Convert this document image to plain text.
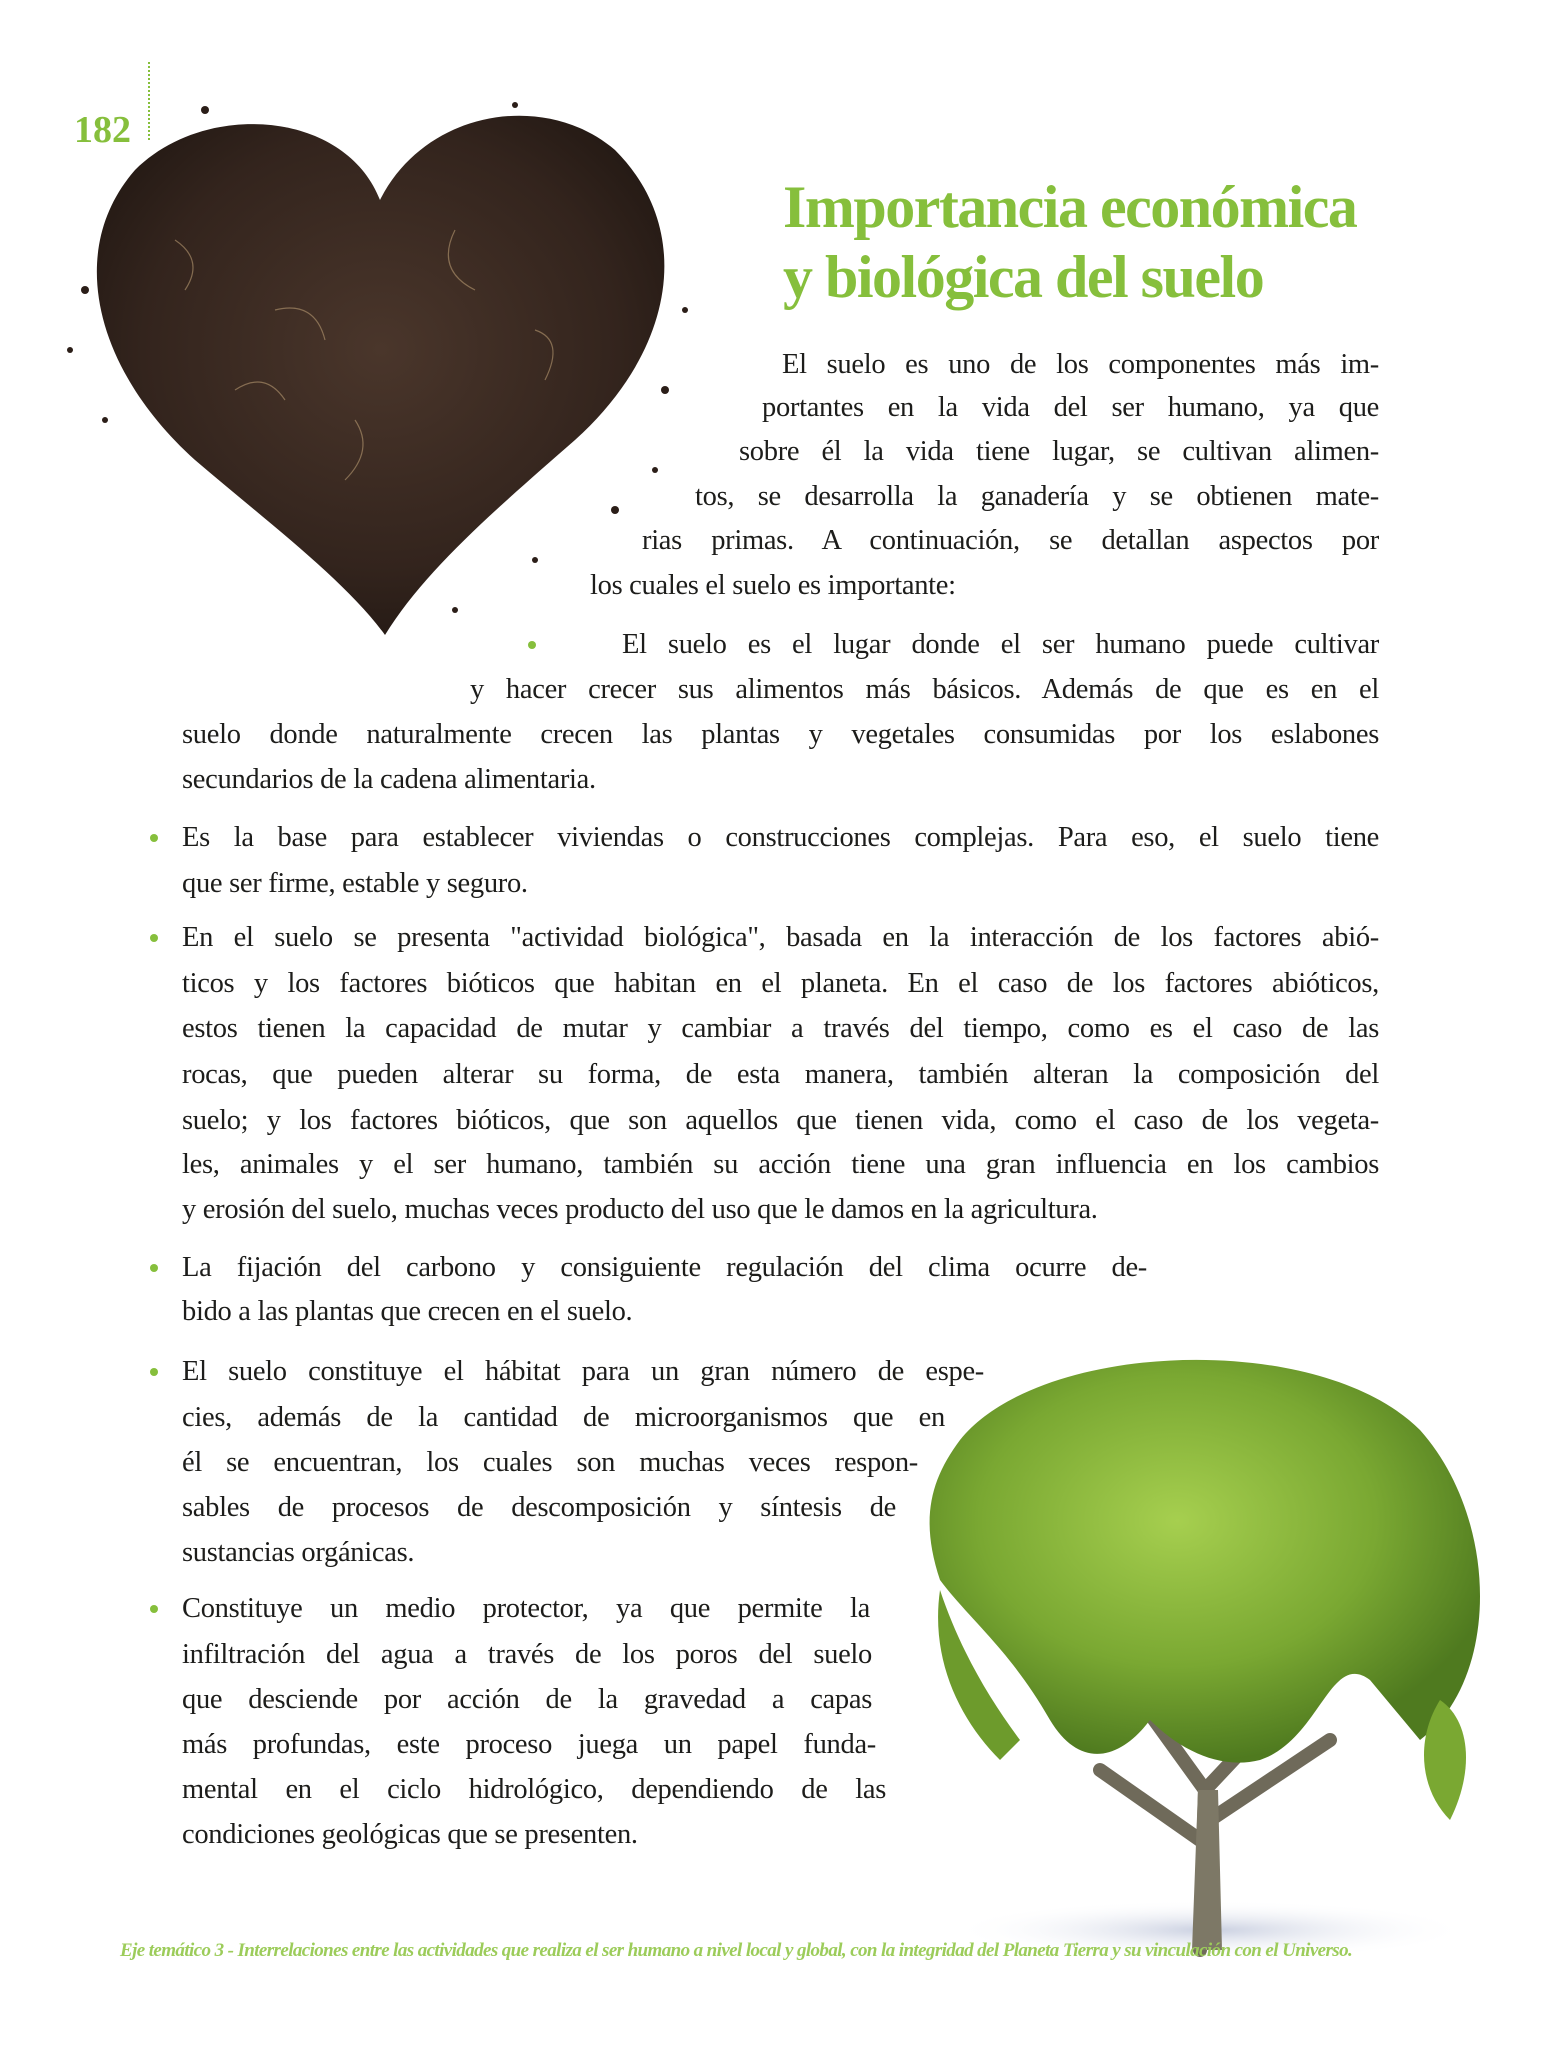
182
Importancia económica
y biológica del suelo
El suelo es uno de los componentes más im-
portantes en la vida del ser humano, ya que
sobre él la vida tiene lugar, se cultivan alimen-
tos, se desarrolla la ganadería y se obtienen mate-
rias primas. A continuación, se detallan aspectos por
los cuales el suelo es importante:
El suelo es el lugar donde el ser humano puede cultivar
y hacer crecer sus alimentos más básicos. Además de que es en el
suelo donde naturalmente crecen las plantas y vegetales consumidas por los eslabones
secundarios de la cadena alimentaria.
Es la base para establecer viviendas o construcciones complejas. Para eso, el suelo tiene
que ser firme, estable y seguro.
En el suelo se presenta "actividad biológica", basada en la interacción de los factores abió-
ticos y los factores bióticos que habitan en el planeta. En el caso de los factores abióticos,
estos tienen la capacidad de mutar y cambiar a través del tiempo, como es el caso de las
rocas, que pueden alterar su forma, de esta manera, también alteran la composición del
suelo; y los factores bióticos, que son aquellos que tienen vida, como el caso de los vegeta-
les, animales y el ser humano, también su acción tiene una gran influencia en los cambios
y erosión del suelo, muchas veces producto del uso que le damos en la agricultura.
La fijación del carbono y consiguiente regulación del clima ocurre de-
bido a las plantas que crecen en el suelo.
El suelo constituye el hábitat para un gran número de espe-
cies, además de la cantidad de microorganismos que en
él se encuentran, los cuales son muchas veces respon-
sables de procesos de descomposición y síntesis de
sustancias orgánicas.
Constituye un medio protector, ya que permite la
infiltración del agua a través de los poros del suelo
que desciende por acción de la gravedad a capas
más profundas, este proceso juega un papel funda-
mental en el ciclo hidrológico, dependiendo de las
condiciones geológicas que se presenten.
Eje temático 3 - Interrelaciones entre las actividades que realiza el ser humano a nivel local y global, con la integridad del Planeta Tierra y su vinculación con el Universo.
